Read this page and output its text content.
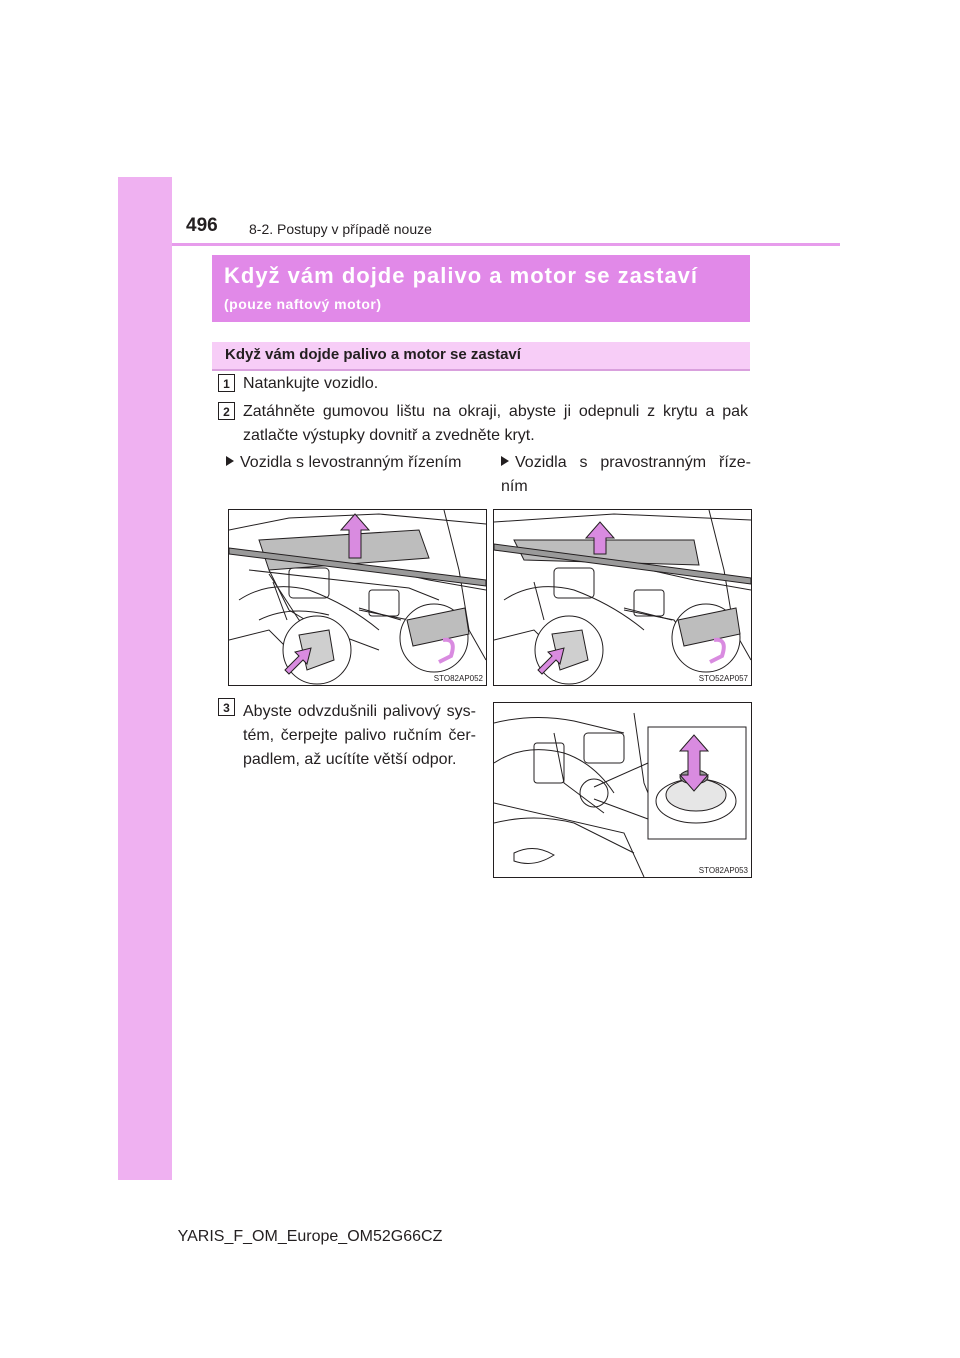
496 8-2. Postupy v případě nouze
Když vám dojde palivo a motor se zastaví
(pouze naftový motor)
Když vám dojde palivo a motor se zastaví
1 Natankujte vozidlo.
2 Zatáhněte gumovou lištu na okraji, abyste ji odepnuli z krytu a pak zatlačte výstupky dovnitř a zvedněte kryt.
Vozidla s levostranným řízením	Vozidla s pravostranným říze-ním
STO82AP052	STO52AP057
3 Abyste odvzdušnili palivový sys-tém, čerpejte palivo ručním čer-padlem, až ucítíte větší odpor.
STO82AP053
YARIS_F_OM_Europe_OM52G66CZ
